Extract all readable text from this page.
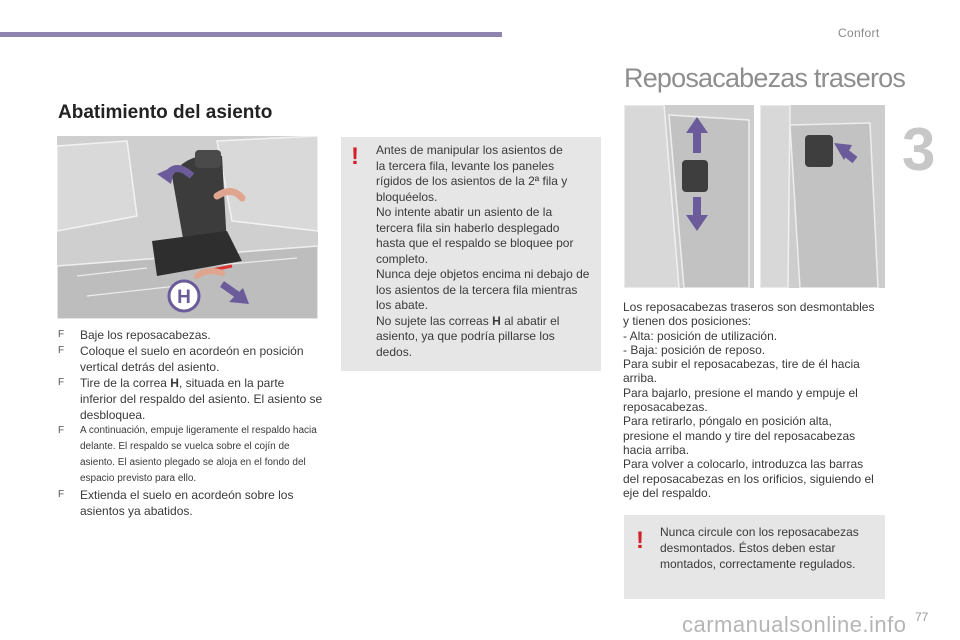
Confort
3
Abatimiento del asiento
H
F Baje los reposacabezas.
F Coloque el suelo en acordeón en posición vertical detrás del asiento.
F Tire de la correa H, situada en la parte inferior del respaldo del asiento. El asiento se desbloquea.
F A continuación, empuje ligeramente el respaldo hacia delante. El respaldo se vuelca sobre el cojín de asiento. El asiento plegado se aloja en el fondo del espacio previsto para ello.
F Extienda el suelo en acordeón sobre los asientos ya abatidos.
! Antes de manipular los asientos de
la tercera fila, levante los paneles
rígidos de los asientos de la 2ª fila y
bloquéelos.
No intente abatir un asiento de la
tercera fila sin haberlo desplegado
hasta que el respaldo se bloquee por
completo.
Nunca deje objetos encima ni debajo de
los asientos de la tercera fila mientras
los abate.
No sujete las correas H al abatir el
asiento, ya que podría pillarse los
dedos.
Reposacabezas traseros
Los reposacabezas traseros son desmontables
y tienen dos posiciones:
- Alta: posición de utilización.
- Baja: posición de reposo.
Para subir el reposacabezas, tire de él hacia
arriba.
Para bajarlo, presione el mando y empuje el
reposacabezas.
Para retirarlo, póngalo en posición alta,
presione el mando y tire del reposacabezas
hacia arriba.
Para volver a colocarlo, introduzca las barras
del reposacabezas en los orificios, siguiendo el
eje del respaldo.
! Nunca circule con los reposacabezas
desmontados. Éstos deben estar
montados, correctamente regulados.
carmanualsonline.info 77
